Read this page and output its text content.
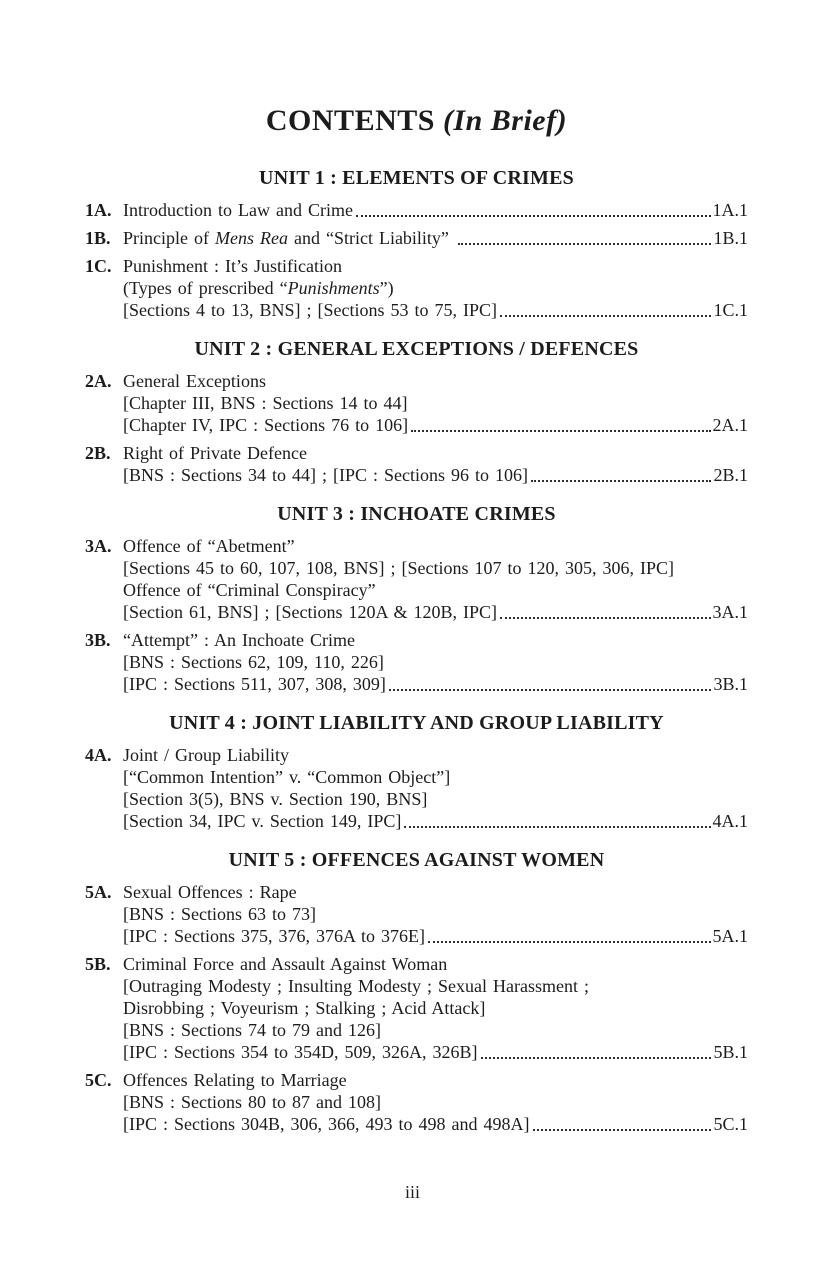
CONTENTS (In Brief)
UNIT 1 : ELEMENTS OF CRIMES
1A. Introduction to Law and Crime	1A.1
1B. Principle of Mens Rea and “Strict Liability”	1B.1
1C. Punishment : It’s Justification
(Types of prescribed “Punishments”)
[Sections 4 to 13, BNS] ; [Sections 53 to 75, IPC]	1C.1
UNIT 2 : GENERAL EXCEPTIONS / DEFENCES
2A. General Exceptions
[Chapter III, BNS : Sections 14 to 44]
[Chapter IV, IPC : Sections 76 to 106]	2A.1
2B. Right of Private Defence
[BNS : Sections 34 to 44] ; [IPC : Sections 96 to 106]	2B.1
UNIT 3 : INCHOATE CRIMES
3A. Offence of “Abetment”
[Sections 45 to 60, 107, 108, BNS] ; [Sections 107 to 120, 305, 306, IPC]
Offence of “Criminal Conspiracy”
[Section 61, BNS] ; [Sections 120A & 120B, IPC]	3A.1
3B. “Attempt” : An Inchoate Crime
[BNS : Sections 62, 109, 110, 226]
[IPC : Sections 511, 307, 308, 309]	3B.1
UNIT 4 : JOINT LIABILITY AND GROUP LIABILITY
4A. Joint / Group Liability
[“Common Intention” v. “Common Object”]
[Section 3(5), BNS v. Section 190, BNS]
[Section 34, IPC v. Section 149, IPC]	4A.1
UNIT 5 : OFFENCES AGAINST WOMEN
5A. Sexual Offences : Rape
[BNS : Sections 63 to 73]
[IPC : Sections 375, 376, 376A to 376E]	5A.1
5B. Criminal Force and Assault Against Woman
[Outraging Modesty ; Insulting Modesty ; Sexual Harassment ;
Disrobbing ; Voyeurism ; Stalking ; Acid Attack]
[BNS : Sections 74 to 79 and 126]
[IPC : Sections 354 to 354D, 509, 326A, 326B]	5B.1
5C. Offences Relating to Marriage
[BNS : Sections 80 to 87 and 108]
[IPC : Sections 304B, 306, 366, 493 to 498 and 498A]	5C.1
iii
